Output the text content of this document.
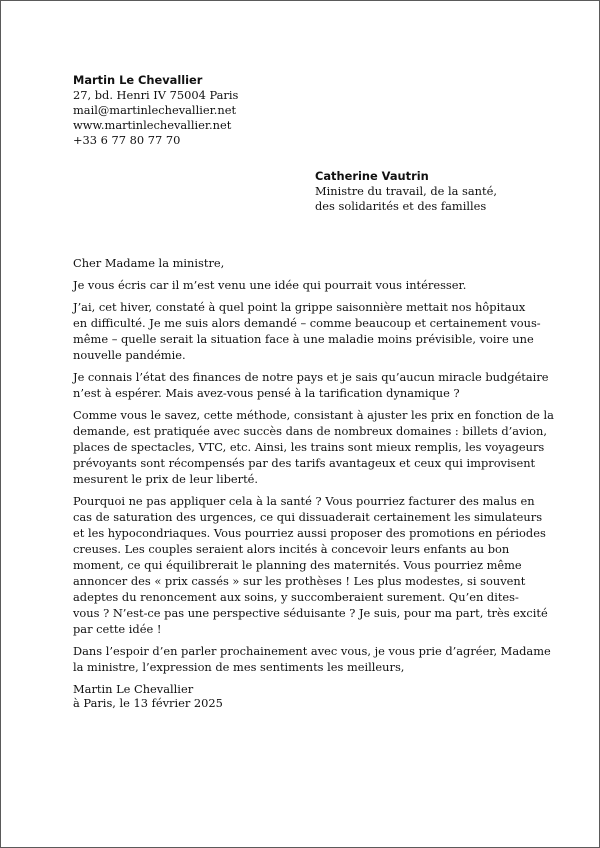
Martin Le Chevallier
27, bd. Henri IV 75004 Paris
mail@martinlechevallier.net
www.martinlechevallier.net
+33 6 77 80 77 70
Catherine Vautrin
Ministre du travail, de la santé,
des solidarités et des familles

Cher Madame la ministre,

Je vous écris car il m’est venu une idée qui pourrait vous intéresser.

J’ai, cet hiver, constaté à quel point la grippe saisonnière mettait nos hôpitaux
en difficulté. Je me suis alors demandé – comme beaucoup et certainement vous-
même – quelle serait la situation face à une maladie moins prévisible, voire une
nouvelle pandémie.

Je connais l’état des finances de notre pays et je sais qu’aucun miracle budgétaire
n’est à espérer. Mais avez-vous pensé à la tarification dynamique ?

Comme vous le savez, cette méthode, consistant à ajuster les prix en fonction de la
demande, est pratiquée avec succès dans de nombreux domaines : billets d’avion,
places de spectacles, VTC, etc. Ainsi, les trains sont mieux remplis, les voyageurs
prévoyants sont récompensés par des tarifs avantageux et ceux qui improvisent
mesurent le prix de leur liberté.

Pourquoi ne pas appliquer cela à la santé ? Vous pourriez facturer des malus en
cas de saturation des urgences, ce qui dissuaderait certainement les simulateurs
et les hypocondriaques. Vous pourriez aussi proposer des promotions en périodes
creuses. Les couples seraient alors incités à concevoir leurs enfants au bon
moment, ce qui équilibrerait le planning des maternités. Vous pourriez même
annoncer des « prix cassés » sur les prothèses ! Les plus modestes, si souvent
adeptes du renoncement aux soins, y succomberaient surement. Qu’en dites-
vous ? N’est-ce pas une perspective séduisante ? Je suis, pour ma part, très excité
par cette idée !

Dans l’espoir d’en parler prochainement avec vous, je vous prie d’agréer, Madame
la ministre, l’expression de mes sentiments les meilleurs,

Martin Le Chevallier

à Paris, le 13 février 2025
